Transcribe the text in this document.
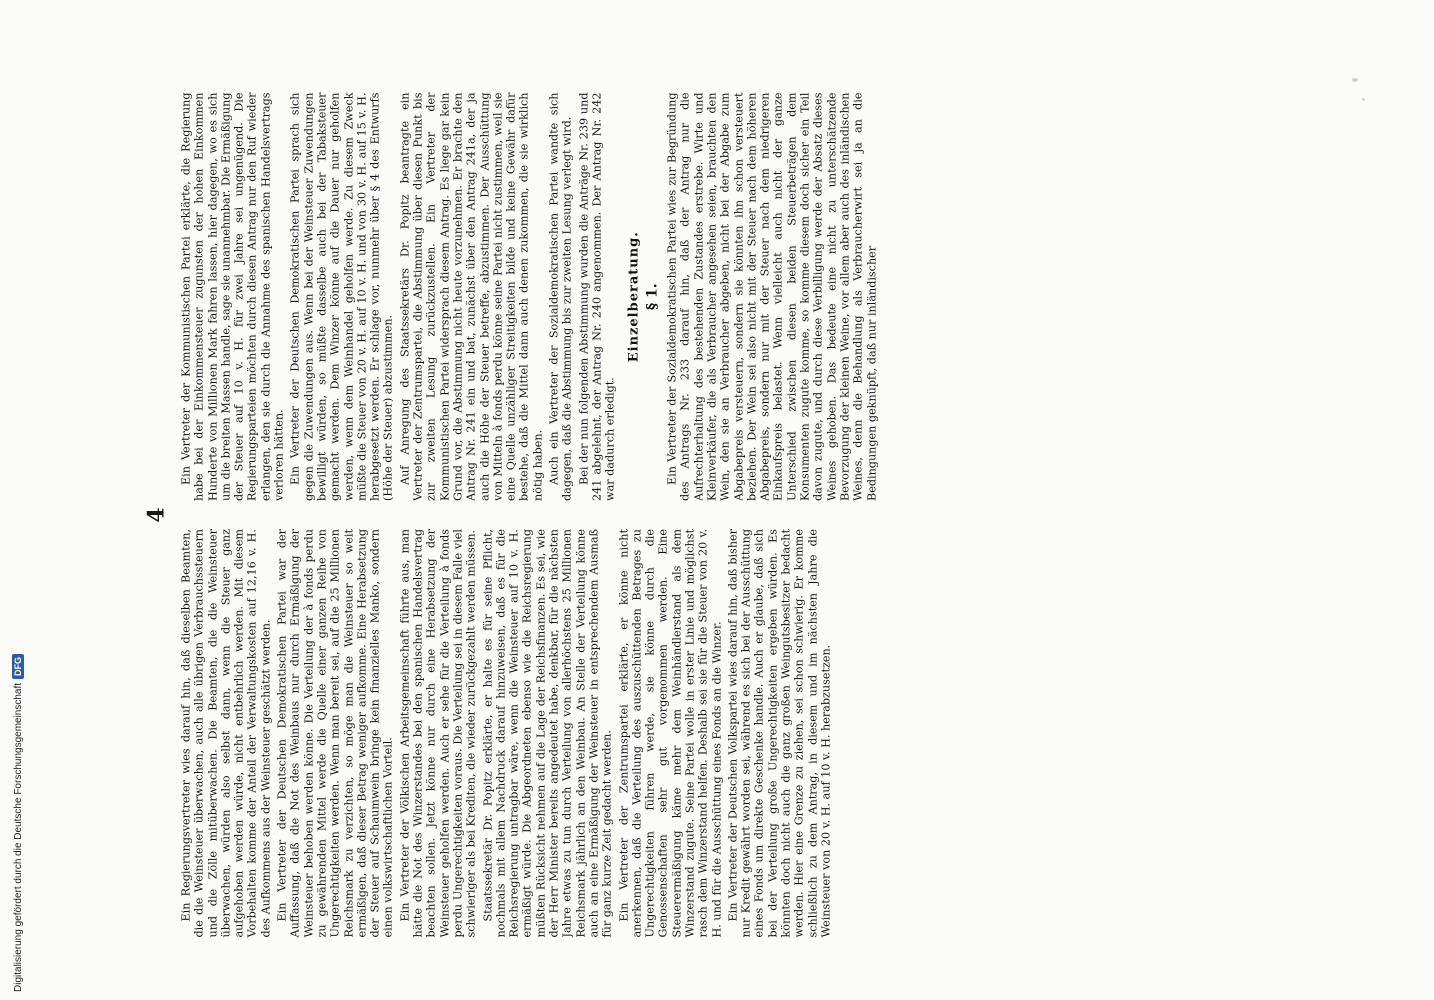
4

Ein Regierungsvertreter wies darauf hin, daß dieselben Beamten, die die Weinsteuer überwachen, auch alle übrigen Verbrauchssteuern und die Zölle mitüberwachen. Die Beamten, die die Weinsteuer überwachen, würden also selbst dann, wenn die Steuer ganz aufgehoben werden würde, nicht entbehrlich werden. Mit diesem Vorbehalten komme der Anteil der Verwaltungskosten auf 12,16 v. H. des Aufkommens aus der Weinsteuer geschätzt werden. Ein Vertreter der Deutschen Demokratischen Partei war der Auffassung, daß die Not des Weinbaus nur durch Ermäßigung der Weinsteuer behoben werden könne. Die Verteilung der à fonds perdu zu gewährenden Mittel werde die Quelle einer ganzen Reihe von Ungerechtigkeiten werden. Wenn man bereit sei, auf die 25 Millionen Reichsmark zu verzichten, so möge man die Weinsteuer so weit ermäßigen, daß dieser Betrag weniger aufkomme. Eine Herabsetzung der Steuer auf Schaumwein bringe kein finanzielles Manko, sondern einen volkswirtschaftlichen Vorteil. Ein Vertreter der Völkischen Arbeitsgemeinschaft führte aus, man hätte die Not des Winzerstandes bei den spanischen Handelsvertrag beachten sollen. Jetzt könne nur durch eine Herabsetzung der Weinsteuer geholfen werden. Auch er sehe für die Verteilung à fonds perdu Ungerechtigkeiten voraus. Die Verteilung sei in diesem Falle viel schwieriger als bei Krediten, die wieder zurückgezahlt werden müssen. Staatssekretär Dr. Popitz erklärte, er halte es für seine Pflicht, nochmals mit allem Nachdruck darauf hinzuweisen, daß es für die Reichsregierung untragbar wäre, wenn die Weinsteuer auf 10 v. H. ermäßigt würde. Die Abgeordneten ebenso wie die Reichsregierung müßten Rücksicht nehmen auf die Lage der Reichsfinanzen. Es sei, wie der Herr Minister bereits angedeutet habe, denkbar, für die nächsten Jahre etwas zu tun durch Verteilung von allerhöchstens 25 Millionen Reichsmark jährlich an den Weinbau. An Stelle der Verteilung könne auch an eine Ermäßigung der Weinsteuer in entsprechendem Ausmaß für ganz kurze Zeit gedacht werden. Ein Vertreter der Zentrumspartei erklärte, er könne nicht anerkennen, daß die Verteilung des auszuschüttenden Betrages zu Ungerechtigkeiten führen werde, sie könne durch die Genossenschaften sehr gut vorgenommen werden. Eine Steuerermäßigung käme mehr dem Weinhändlerstand als dem Winzerstand zugute. Seine Partei wolle in erster Linie und möglichst rasch dem Winzerstand helfen. Deshalb sei sie für die Steuer von 20 v. H. und für die Ausschüttung eines Fonds an die Winzer. Ein Vertreter der Deutschen Volkspartei wies darauf hin, daß bisher nur Kredit gewährt worden sei, während es sich bei der Ausschüttung eines Fonds um direkte Geschenke handle. Auch er glaube, daß sich bei der Verteilung große Ungerechtigkeiten ergeben würden. Es könnten doch nicht auch die ganz großen Weingutsbesitzer bedacht werden. Hier eine Grenze zu ziehen, sei schon schwierig. Er komme schließlich zu dem Antrag, in diesem und im nächsten Jahre die Weinsteuer von 20 v. H. auf 10 v. H. herabzusetzen.

Ein Vertreter der Kommunistischen Partei erklärte, die Regierung habe bei der Einkommensteuer zugunsten der hohen Einkommen Hunderte von Millionen Mark fahren lassen, hier dagegen, wo es sich um die breiten Massen handle, sage sie unannehmbar. Die Ermäßigung der Steuer auf 10 v. H. für zwei Jahre sei ungenügend. Die Regierungsparteien möchten durch diesen Antrag nur den Ruf wieder erlangen, den sie durch die Annahme des spanischen Handelsvertrags verloren hätten. Ein Vertreter der Deutschen Demokratischen Partei sprach sich gegen die Zuwendungen aus. Wenn bei der Weinsteuer Zuwendungen bewilligt würden, so müßte dasselbe auch bei der Tabaksteuer gemacht werden. Dem Winzer könne auf die Dauer nur geholfen werden, wenn dem Weinhandel geholfen werde. Zu diesem Zweck müßte die Steuer von 20 v. H. auf 10 v. H. und von 30 v. H. auf 15 v. H. herabgesetzt werden. Er schlage vor, nunmehr über § 4 des Entwurfs (Höhe der Steuer) abzustimmen. Auf Anregung des Staatssekretärs Dr. Popitz beantragte ein Vertreter der Zentrumspartei, die Abstimmung über diesen Punkt bis zur zweiten Lesung zurückzustellen. Ein Vertreter der Kommunistischen Partei widersprach diesem Antrag. Es liege gar kein Grund vor, die Abstimmung nicht heute vorzunehmen. Er brachte den Antrag Nr. 241 ein und bat, zunächst über den Antrag 241a, der ja auch die Höhe der Steuer betreffe, abzustimmen. Der Ausschüttung von Mitteln à fonds perdu könne seine Partei nicht zustimmen, weil sie eine Quelle unzähliger Streitigkeiten bilde und keine Gewähr dafür bestehe, daß die Mittel dann auch denen zukommen, die sie wirklich nötig haben. Auch ein Vertreter der Sozialdemokratischen Partei wandte sich dagegen, daß die Abstimmung bis zur zweiten Lesung verlegt wird. Bei der nun folgenden Abstimmung wurden die Anträge Nr. 239 und 241 abgelehnt, der Antrag Nr. 240 angenommen. Der Antrag Nr. 242 war dadurch erledigt.

Einzelberatung. § 1. Ein Vertreter der Sozialdemokratischen Partei wies zur Begründung des Antrags Nr. 233 darauf hin, daß der Antrag nur die Aufrechterhaltung des bestehenden Zustandes erstrebe. Wirte und Kleinverkäufer, die als Verbraucher angesehen seien, brauchten den Wein, den sie an Verbraucher abgeben, nicht bei der Abgabe zum Abgabepreis versteuern, sondern sie könnten ihn schon versteuert beziehen. Der Wein sei also nicht mit der Steuer nach dem höheren Abgabepreis, sondern nur mit der Steuer nach dem niedrigeren Einkaufspreis belastet. Wenn vielleicht auch nicht der ganze Unterschied zwischen diesen beiden Steuerbeträgen dem Konsumenten zugute komme, so komme diesem doch sicher ein Teil davon zugute, und durch diese Verbilligung werde der Absatz dieses Weines gehoben. Das bedeute eine nicht zu unterschätzende Bevorzugung der kleinen Weine, vor allem aber auch des inländischen Weines, denn die Behandlung als Verbraucherwirt sei ja an die Bedingungen geknüpft, daß nur inländischer

Digitalisierung gefördert durch die Deutsche Forschungsgemeinschaft
DFG
